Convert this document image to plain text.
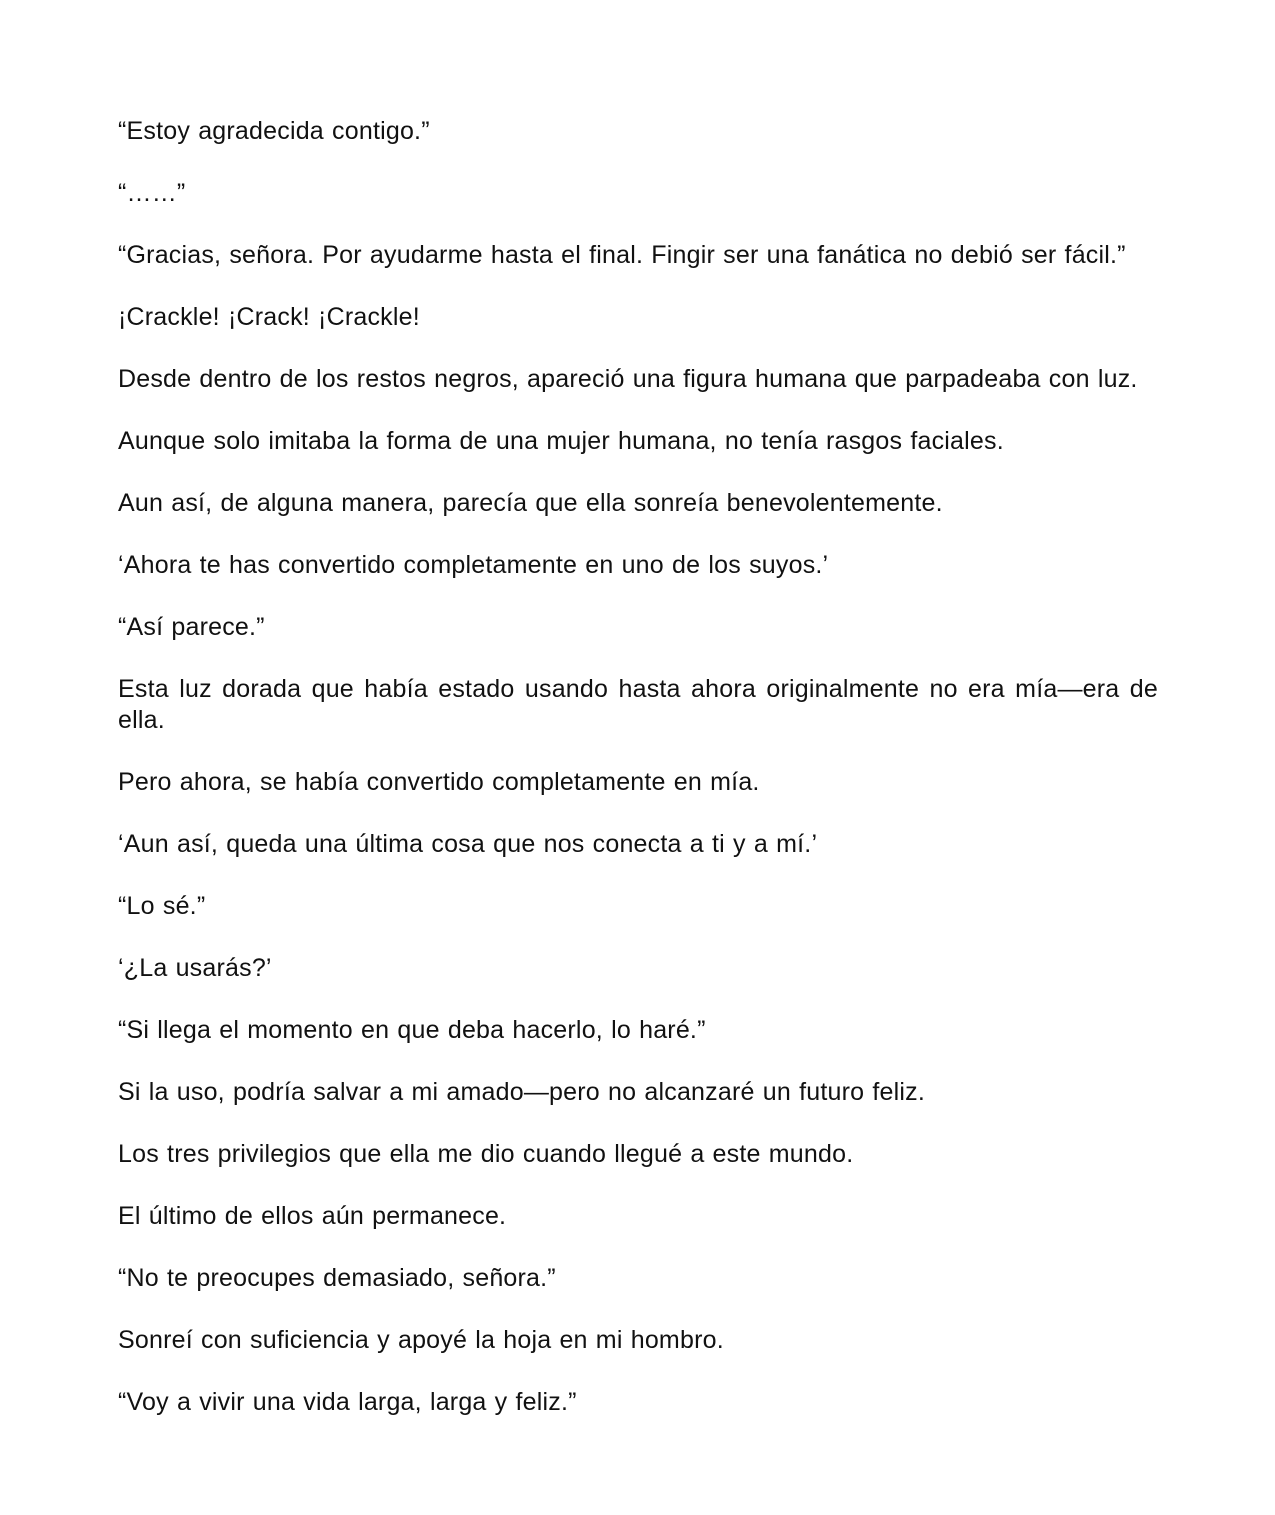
“Estoy agradecida contigo.”

“……”

“Gracias, señora. Por ayudarme hasta el final. Fingir ser una fanática no debió ser fácil.”

¡Crackle! ¡Crack! ¡Crackle!

Desde dentro de los restos negros, apareció una figura humana que parpadeaba con luz.

Aunque solo imitaba la forma de una mujer humana, no tenía rasgos faciales.

Aun así, de alguna manera, parecía que ella sonreía benevolentemente.

‘Ahora te has convertido completamente en uno de los suyos.’

“Así parece.”

Esta luz dorada que había estado usando hasta ahora originalmente no era mía—era de ella.

Pero ahora, se había convertido completamente en mía.

‘Aun así, queda una última cosa que nos conecta a ti y a mí.’

“Lo sé.”

‘¿La usarás?’

“Si llega el momento en que deba hacerlo, lo haré.”

Si la uso, podría salvar a mi amado—pero no alcanzaré un futuro feliz.

Los tres privilegios que ella me dio cuando llegué a este mundo.

El último de ellos aún permanece.

“No te preocupes demasiado, señora.”

Sonreí con suficiencia y apoyé la hoja en mi hombro.

“Voy a vivir una vida larga, larga y feliz.”
